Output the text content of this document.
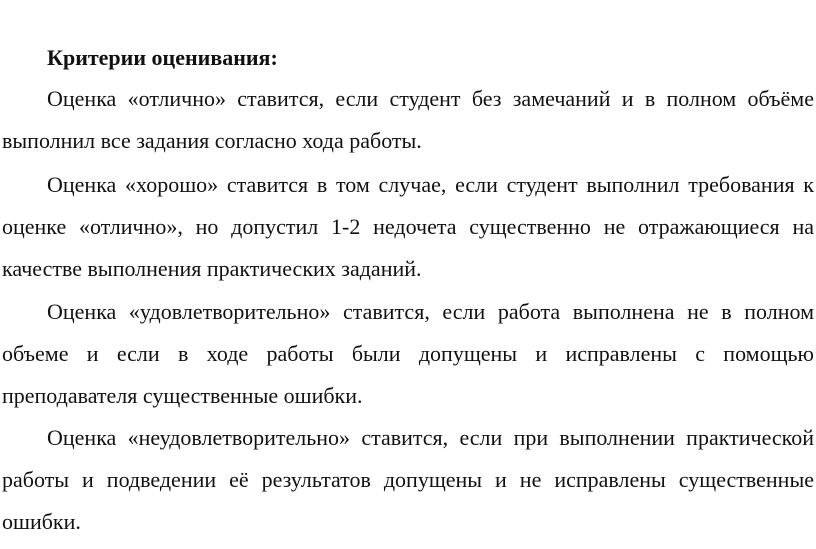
Критерии оценивания:

Оценка «отлично» ставится, если студент без замечаний и в полном объёме выполнил все задания согласно хода работы.

Оценка «хорошо» ставится в том случае, если студент выполнил требования к оценке «отлично», но допустил 1-2 недочета существенно не отражающиеся на качестве выполнения практических заданий.

Оценка «удовлетворительно» ставится, если работа выполнена не в полном объеме и если в ходе работы были допущены и исправлены с помощью преподавателя существенные ошибки.

Оценка «неудовлетворительно» ставится, если при выполнении практической работы и подведении её результатов допущены и не исправлены существенные ошибки.
